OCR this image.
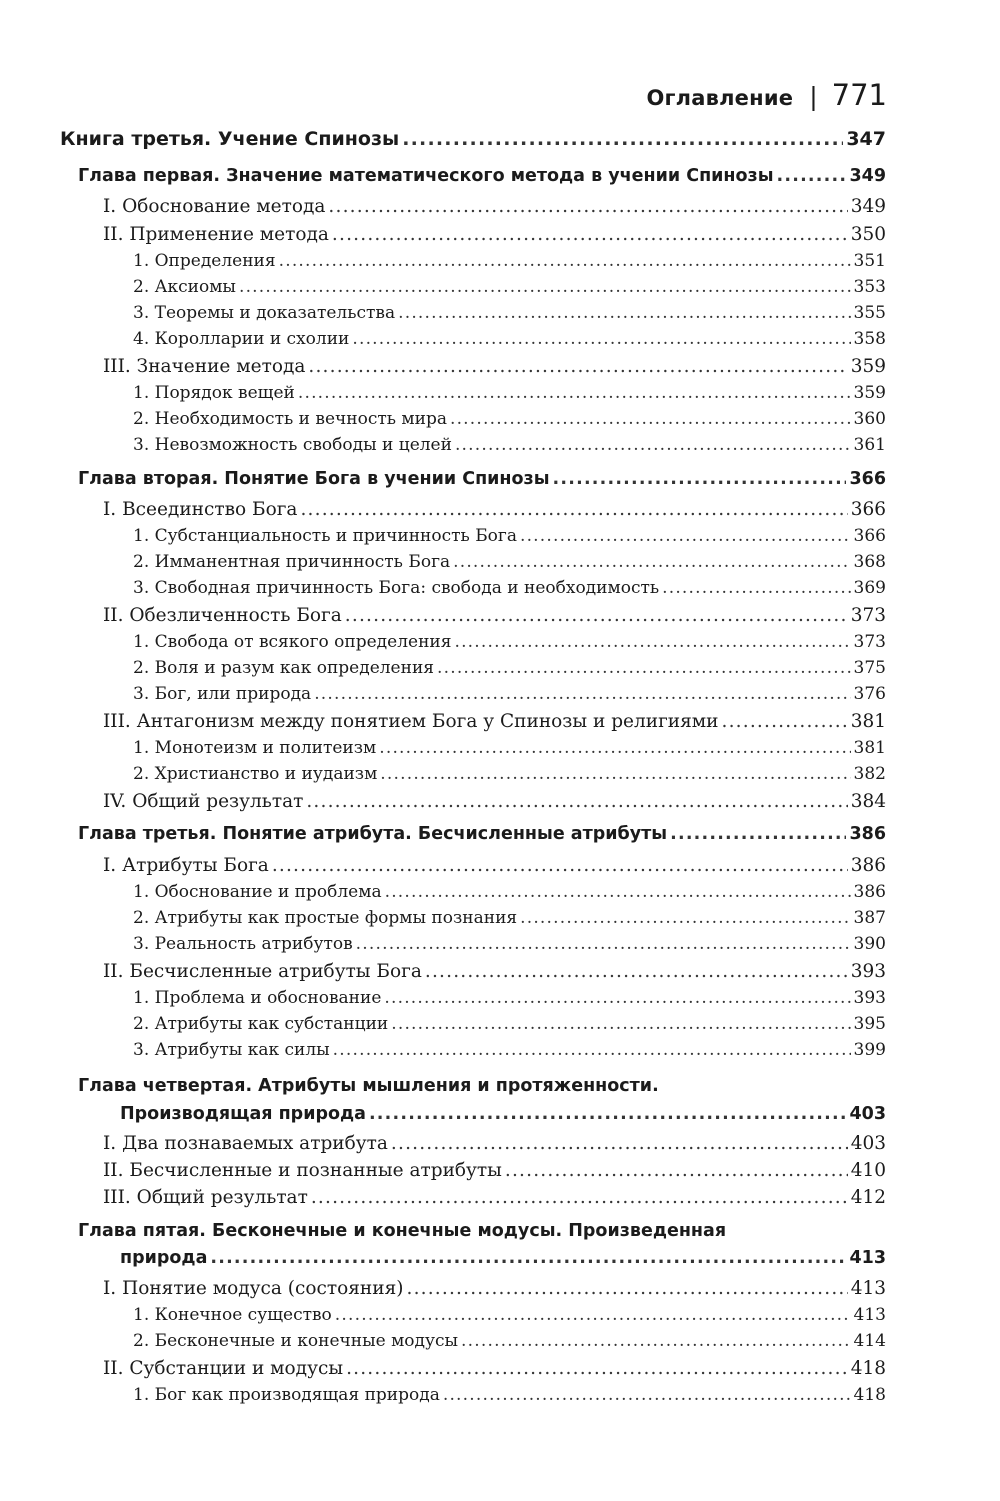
Оглавление | 771
Книга третья. Учение Спинозы .....	347
Глава первая. Значение математического метода в учении Спинозы .....	349
I. Обоснование метода .....	349
II. Применение метода .....	350
1. Определения .....	351
2. Аксиомы .....	353
3. Теоремы и доказательства .....	355
4. Королларии и схолии .....	358
III. Значение метода .....	359
1. Порядок вещей .....	359
2. Необходимость и вечность мира .....	360
3. Невозможность свободы и целей .....	361
Глава вторая. Понятие Бога в учении Спинозы .....	366
I. Всеединство Бога .....	366
1. Субстанциальность и причинность Бога .....	366
2. Имманентная причинность Бога .....	368
3. Свободная причинность Бога: свобода и необходимость .....	369
II. Обезличенность Бога .....	373
1. Свобода от всякого определения .....	373
2. Воля и разум как определения .....	375
3. Бог, или природа .....	376
III. Антагонизм между понятием Бога у Спинозы и религиями .....	381
1. Монотеизм и политеизм .....	381
2. Христианство и иудаизм .....	382
IV. Общий результат .....	384
Глава третья. Понятие атрибута. Бесчисленные атрибуты .....	386
I. Атрибуты Бога .....	386
1. Обоснование и проблема .....	386
2. Атрибуты как простые формы познания .....	387
3. Реальность атрибутов .....	390
II. Бесчисленные атрибуты Бога .....	393
1. Проблема и обоснование .....	393
2. Атрибуты как субстанции .....	395
3. Атрибуты как силы .....	399
Глава четвертая. Атрибуты мышления и протяженности.
Производящая природа .....	403
I. Два познаваемых атрибута .....	403
II. Бесчисленные и познанные атрибуты .....	410
III. Общий результат .....	412
Глава пятая. Бесконечные и конечные модусы. Произведенная
природа .....	413
I. Понятие модуса (состояния) .....	413
1. Конечное существо .....	413
2. Бесконечные и конечные модусы .....	414
II. Субстанции и модусы .....	418
1. Бог как производящая природа .....	418
